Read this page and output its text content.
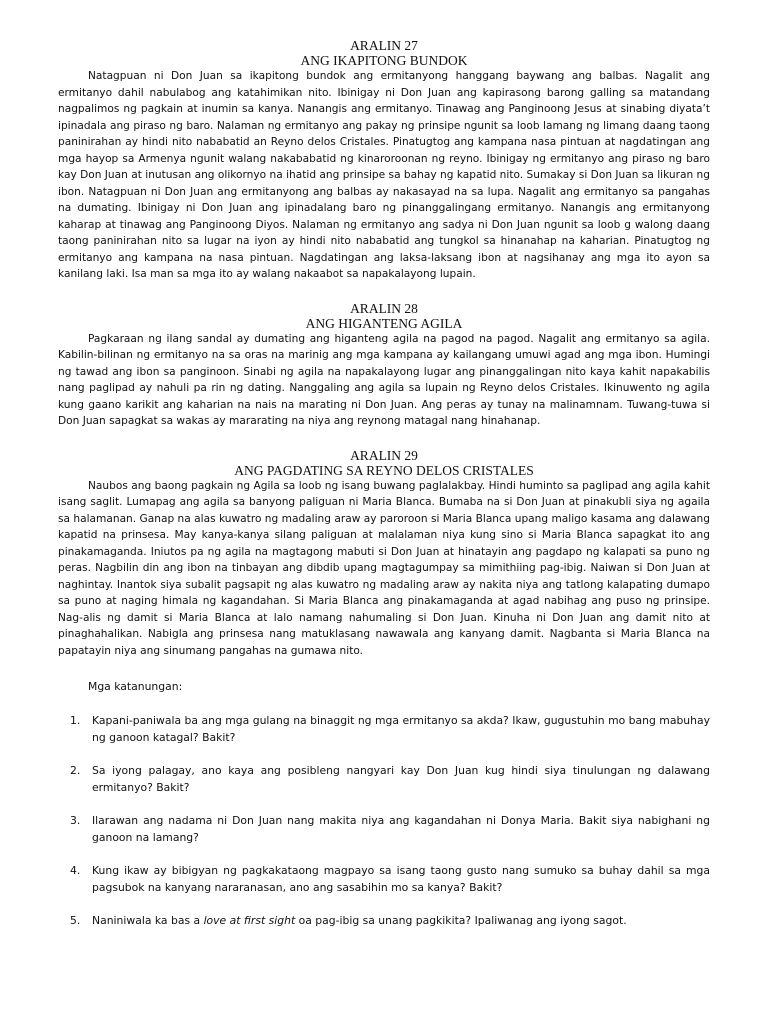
ARALIN 27

ANG IKAPITONG BUNDOK

Natagpuan ni Don Juan sa ikapitong bundok ang ermitanyong hanggang baywang ang balbas. Nagalit ang ermitanyo dahil nabulabog ang katahimikan nito. Ibinigay ni Don Juan ang kapirasong barong galling sa matandang nagpalimos ng pagkain at inumin sa kanya. Nanangis ang ermitanyo. Tinawag ang Panginoong Jesus at sinabing diyata’t ipinadala ang piraso ng baro. Nalaman ng ermitanyo ang pakay ng prinsipe ngunit sa loob lamang ng limang daang taong paninirahan ay hindi nito nababatid an Reyno delos Cristales. Pinatugtog ang kampana nasa pintuan at nagdatingan ang mga hayop sa Armenya ngunit walang nakababatid ng kinaroroonan ng reyno. Ibinigay ng ermitanyo ang piraso ng baro kay Don Juan at inutusan ang olikornyo na ihatid ang prinsipe sa bahay ng kapatid nito. Sumakay si Don Juan sa likuran ng ibon. Natagpuan ni Don Juan ang ermitanyong ang balbas ay nakasayad na sa lupa. Nagalit ang ermitanyo sa pangahas na dumating. Ibinigay ni Don Juan ang ipinadalang baro ng pinanggalingang ermitanyo. Nanangis ang ermitanyong kaharap at tinawag ang Panginoong Diyos. Nalaman ng ermitanyo ang sadya ni Don Juan ngunit sa loob g walong daang taong paninirahan nito sa lugar na iyon ay hindi nito nababatid ang tungkol sa hinanahap na kaharian. Pinatugtog ng ermitanyo ang kampana na nasa pintuan. Nagdatingan ang laksa-laksang ibon at nagsihanay ang mga ito ayon sa kanilang laki. Isa man sa mga ito ay walang nakaabot sa napakalayong lupain.

ARALIN 28

ANG HIGANTENG AGILA

Pagkaraan ng ilang sandal ay dumating ang higanteng agila na pagod na pagod. Nagalit ang ermitanyo sa agila. Kabilin-bilinan ng ermitanyo na sa oras na marinig ang mga kampana ay kailangang umuwi agad ang mga ibon. Humingi ng tawad ang ibon sa panginoon. Sinabi ng agila na napakalayong lugar ang pinanggalingan nito kaya kahit napakabilis nang paglipad ay nahuli pa rin ng dating. Nanggaling ang agila sa lupain ng Reyno delos Cristales. Ikinuwento ng agila kung gaano karikit ang kaharian na nais na marating ni Don Juan. Ang peras ay tunay na malinamnam. Tuwang-tuwa si Don Juan sapagkat sa wakas ay mararating na niya ang reynong matagal nang hinahanap.

ARALIN 29

ANG PAGDATING SA REYNO DELOS CRISTALES

Naubos ang baong pagkain ng Agila sa loob ng isang buwang paglalakbay. Hindi huminto sa paglipad ang agila kahit isang saglit. Lumapag ang agila sa banyong paliguan ni Maria Blanca. Bumaba na si Don Juan at pinakubli siya ng agaila sa halamanan. Ganap na alas kuwatro ng madaling araw ay paroroon si Maria Blanca upang maligo kasama ang dalawang kapatid na prinsesa. May kanya-kanya silang paliguan at malalaman niya kung sino si Maria Blanca sapagkat ito ang pinakamaganda. Iniutos pa ng agila na magtagong mabuti si Don Juan at hinatayin ang pagdapo ng kalapati sa puno ng peras. Nagbilin din ang ibon na tinbayan ang dibdib upang magtagumpay sa mimithiing pag-ibig. Naiwan si Don Juan at naghintay. Inantok siya subalit pagsapit ng alas kuwatro ng madaling araw ay nakita niya ang tatlong kalapating dumapo sa puno at naging himala ng kagandahan. Si Maria Blanca ang pinakamaganda at agad nabihag ang puso ng prinsipe. Nag-alis ng damit si Maria Blanca at lalo namang nahumaling si Don Juan. Kinuha ni Don Juan ang damit nito at pinaghahalikan. Nabigla ang prinsesa nang matuklasang nawawala ang kanyang damit. Nagbanta si Maria Blanca na papatayin niya ang sinumang pangahas na gumawa nito.

Mga katanungan:

1. Kapani-paniwala ba ang mga gulang na binaggit ng mga ermitanyo sa akda? Ikaw, gugustuhin mo bang mabuhay ng ganoon katagal? Bakit?
2. Sa iyong palagay, ano kaya ang posibleng nangyari kay Don Juan kug hindi siya tinulungan ng dalawang ermitanyo? Bakit?
3. Ilarawan ang nadama ni Don Juan nang makita niya ang kagandahan ni Donya Maria. Bakit siya nabighani ng ganoon na lamang?
4. Kung ikaw ay bibigyan ng pagkakataong magpayo sa isang taong gusto nang sumuko sa buhay dahil sa mga pagsubok na kanyang nararanasan, ano ang sasabihin mo sa kanya? Bakit?
5. Naniniwala ka bas a love at first sight oa pag-ibig sa unang pagkikita? Ipaliwanag ang iyong sagot.
